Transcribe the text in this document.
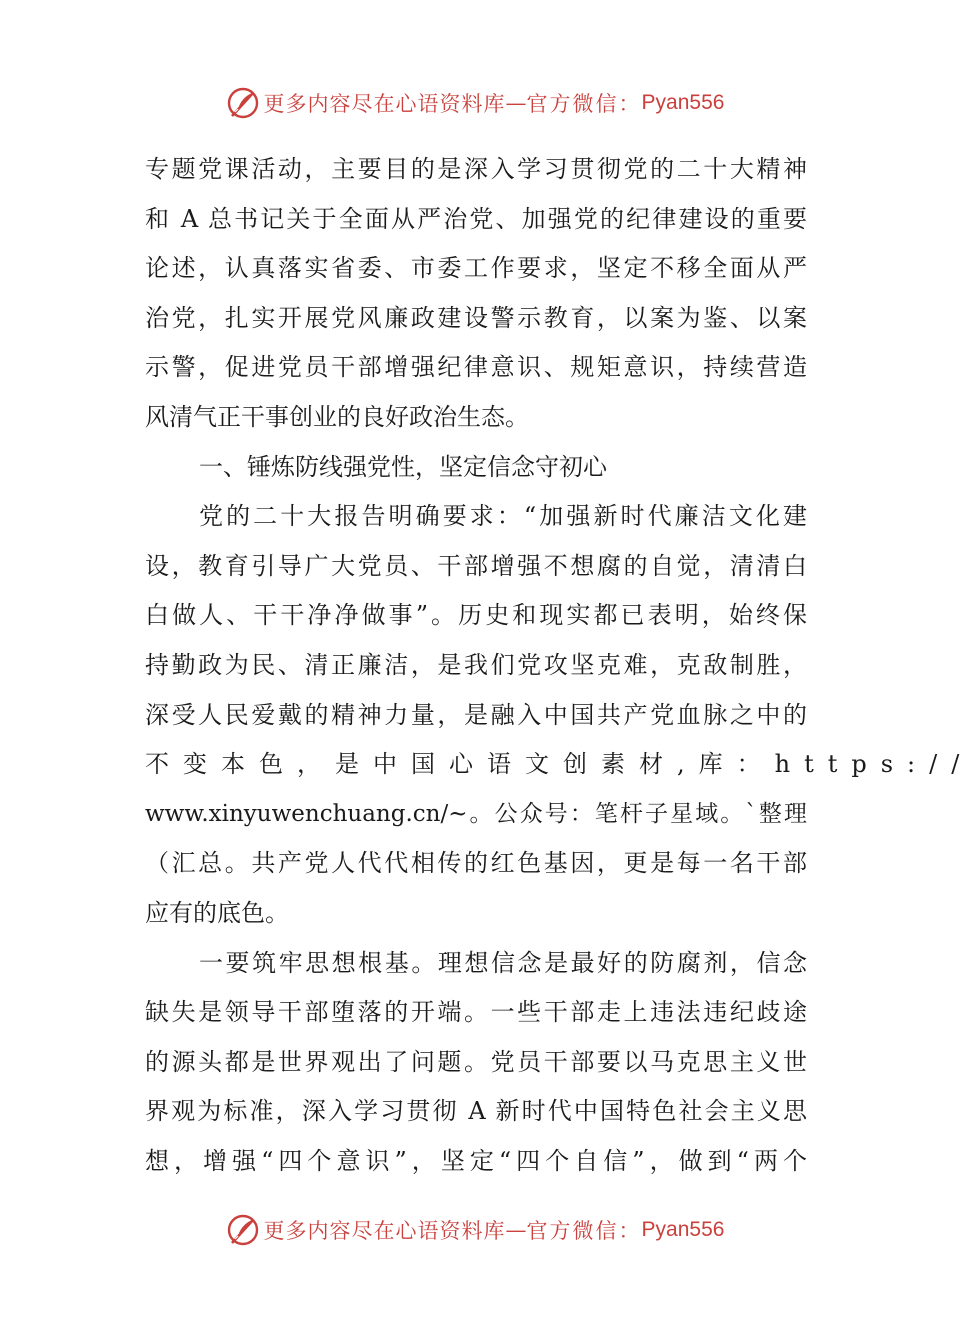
更多内容尽在心语资料库 — 官方微信： Pyan556
专题党课活动，主要目的是深入学习贯彻党的二十大精神
和 A 总书记关于全面从严治党、加强党的纪律建设的重要
论述，认真落实省委、市委工作要求，坚定不移全面从严
治党，扎实开展党风廉政建设警示教育，以案为鉴、以案
示警，促进党员干部增强纪律意识、规矩意识，持续营造
风清气正干事创业的良好政治生态。
一、锤炼防线强党性，坚定信念守初心
党的二十大报告明确要求：“加强新时代廉洁文化建
设，教育引导广大党员、干部增强不想腐的自觉，清清白
白做人、干干净净做事”。历史和现实都已表明，始终保
持勤政为民、清正廉洁，是我们党攻坚克难，克敌制胜，
深受人民爱戴的精神力量，是融入中国共产党血脉之中的
不变本色，是中国心语文创素材,库：https://
www.xinyuwenchuang.cn/~。公众号：笔杆子星域。`整理
（汇总。共产党人代代相传的红色基因，更是每一名干部
应有的底色。
一要筑牢思想根基。理想信念是最好的防腐剂，信念
缺失是领导干部堕落的开端。一些干部走上违法违纪歧途
的源头都是世界观出了问题。党员干部要以马克思主义世
界观为标准，深入学习贯彻 A 新时代中国特色社会主义思
想，增强“四个意识”，坚定“四个自信”，做到“两个
更多内容尽在心语资料库 — 官方微信： Pyan556
